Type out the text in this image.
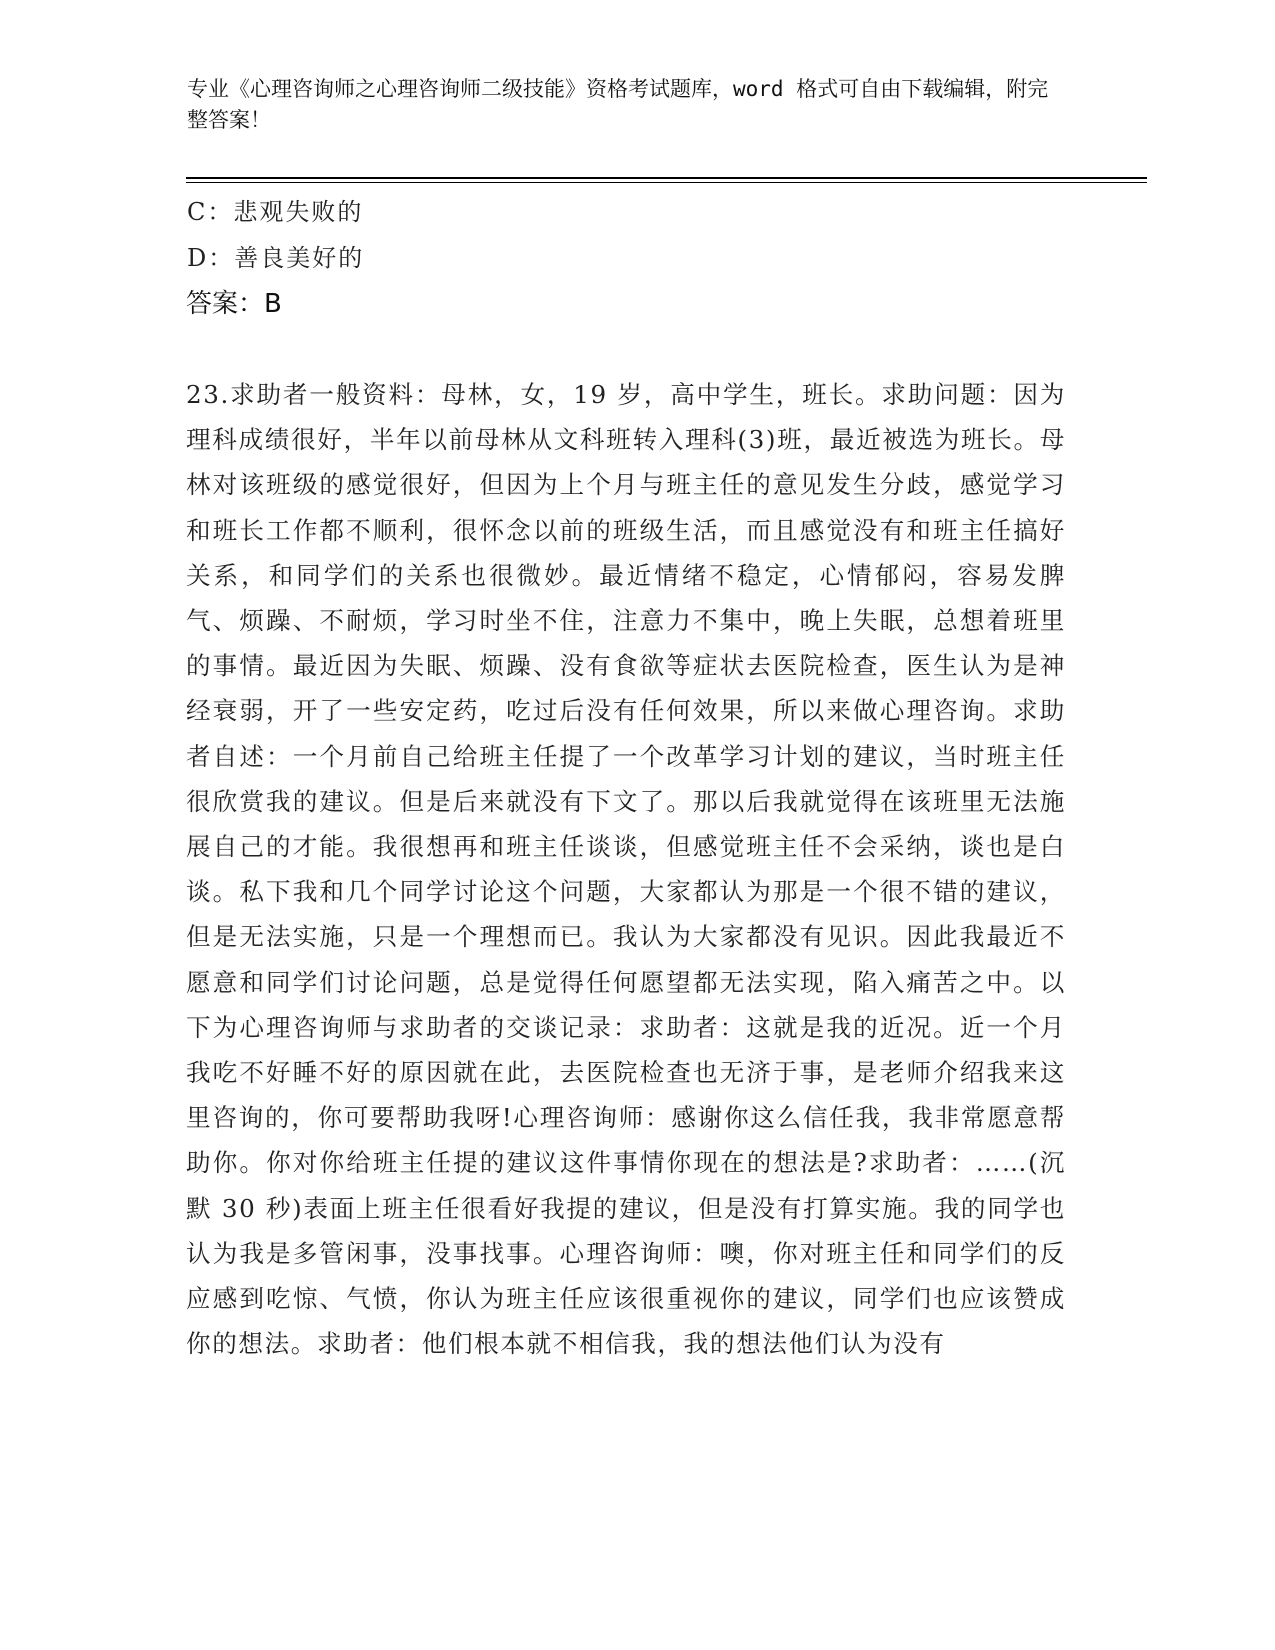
专业《心理咨询师之心理咨询师二级技能》资格考试题库，word 格式可自由下载编辑，附完整答案！
C：悲观失败的
D：善良美好的
答案：B
23.求助者一般资料：母林，女，19 岁，高中学生，班长。求助问题：因为理科成绩很好，半年以前母林从文科班转入理科(3)班，最近被选为班长。母林对该班级的感觉很好，但因为上个月与班主任的意见发生分歧，感觉学习和班长工作都不顺利，很怀念以前的班级生活，而且感觉没有和班主任搞好关系，和同学们的关系也很微妙。最近情绪不稳定，心情郁闷，容易发脾气、烦躁、不耐烦，学习时坐不住，注意力不集中，晚上失眠，总想着班里的事情。最近因为失眠、烦躁、没有食欲等症状去医院检查，医生认为是神经衰弱，开了一些安定药，吃过后没有任何效果，所以来做心理咨询。求助者自述：一个月前自己给班主任提了一个改革学习计划的建议，当时班主任很欣赏我的建议。但是后来就没有下文了。那以后我就觉得在该班里无法施展自己的才能。我很想再和班主任谈谈，但感觉班主任不会采纳，谈也是白谈。私下我和几个同学讨论这个问题，大家都认为那是一个很不错的建议，但是无法实施，只是一个理想而已。我认为大家都没有见识。因此我最近不愿意和同学们讨论问题，总是觉得任何愿望都无法实现，陷入痛苦之中。以下为心理咨询师与求助者的交谈记录：求助者：这就是我的近况。近一个月我吃不好睡不好的原因就在此，去医院检查也无济于事，是老师介绍我来这里咨询的，你可要帮助我呀!心理咨询师：感谢你这么信任我，我非常愿意帮助你。你对你给班主任提的建议这件事情你现在的想法是?求助者：……(沉默 30 秒)表面上班主任很看好我提的建议，但是没有打算实施。我的同学也认为我是多管闲事，没事找事。心理咨询师：噢，你对班主任和同学们的反应感到吃惊、气愤，你认为班主任应该很重视你的建议，同学们也应该赞成你的想法。求助者：他们根本就不相信我，我的想法他们认为没有
